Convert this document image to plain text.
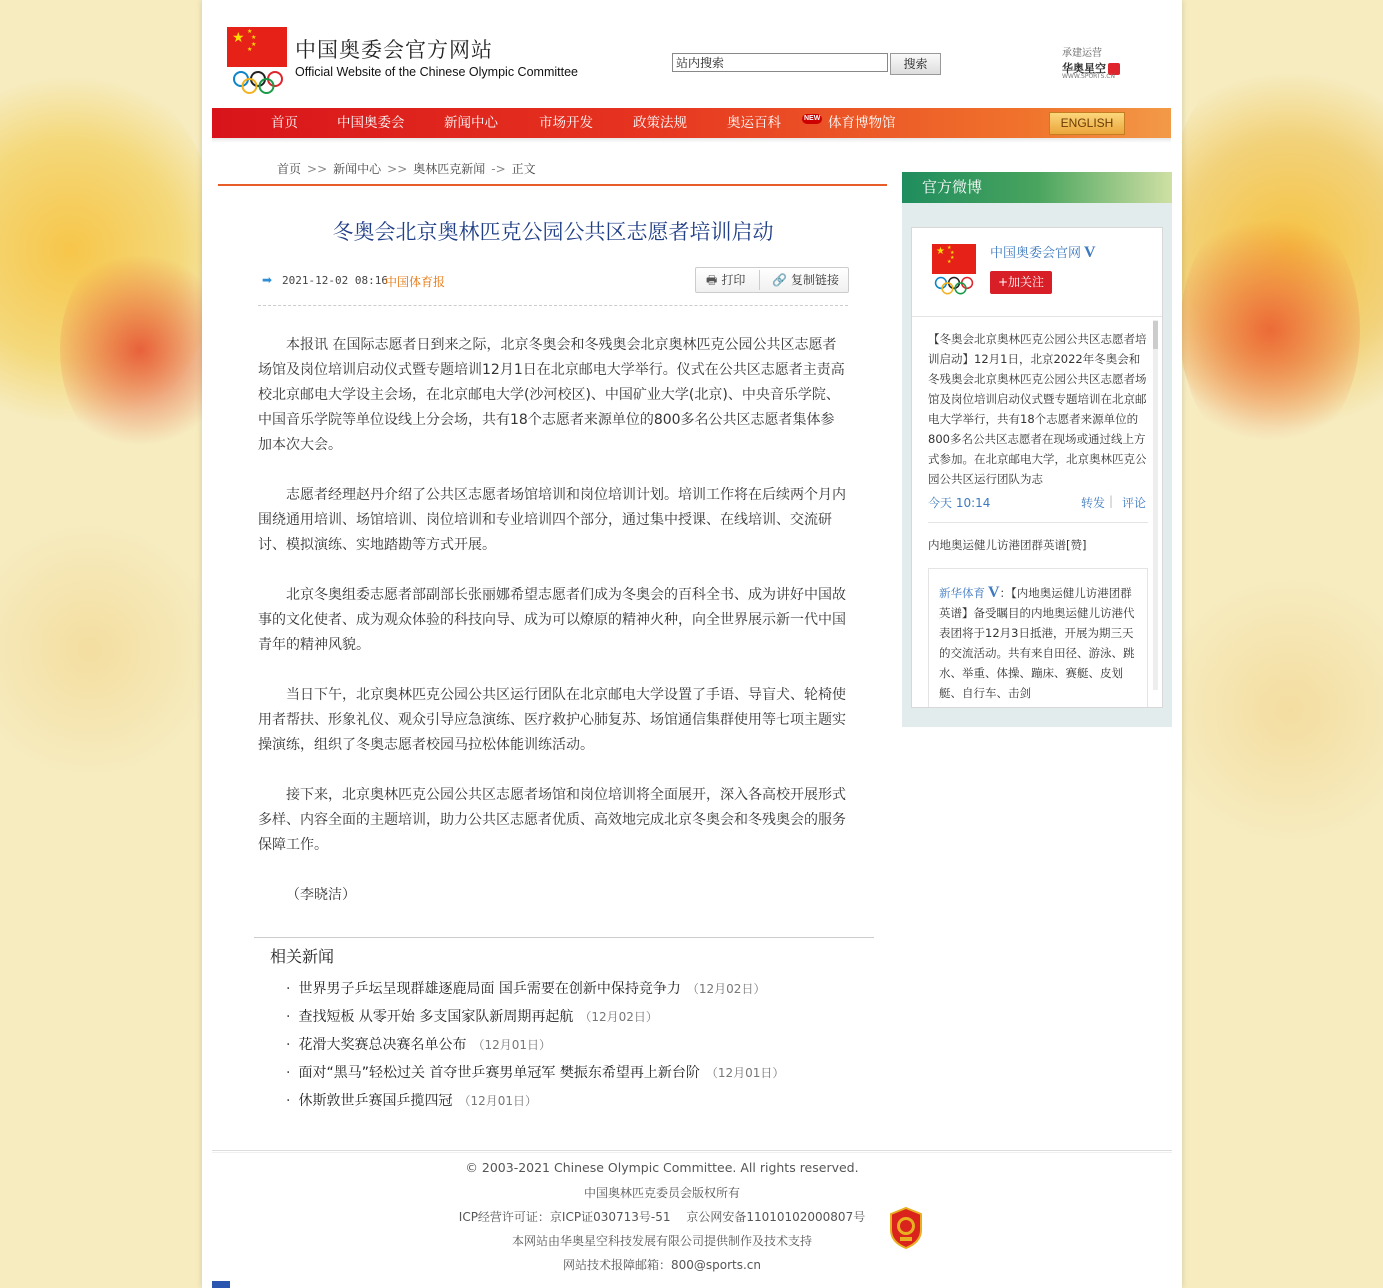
★ ★
★
★
★ 中国奥委会官方网站
Official Website of the Chinese Olympic Committee
站内搜索
搜索
承建运营
华奥星空
WWW.SPORTS.CN
首页	中国奥委会	新闻中心	市场开发	政策法规	奥运百科	NEW 体育博物馆	ENGLISH
首页 >> 新闻中心 >> 奥林匹克新闻 -> 正文
冬奥会北京奥林匹克公园公共区志愿者培训启动
➡ 2021-12-02 08:16
中国体育报	🖶 打印 🔗 复制链接

本报讯 在国际志愿者日到来之际，北京冬奥会和冬残奥会北京奥林匹克公园公共区志愿者场馆及岗位培训启动仪式暨专题培训12月1日在北京邮电大学举行。仪式在公共区志愿者主责高校北京邮电大学设主会场，在北京邮电大学(沙河校区)、中国矿业大学(北京)、中央音乐学院、中国音乐学院等单位设线上分会场，共有18个志愿者来源单位的800多名公共区志愿者集体参加本次大会。

志愿者经理赵丹介绍了公共区志愿者场馆培训和岗位培训计划。培训工作将在后续两个月内围绕通用培训、场馆培训、岗位培训和专业培训四个部分，通过集中授课、在线培训、交流研讨、模拟演练、实地踏勘等方式开展。

北京冬奥组委志愿者部副部长张丽娜希望志愿者们成为冬奥会的百科全书、成为讲好中国故事的文化使者、成为观众体验的科技向导、成为可以燎原的精神火种，向全世界展示新一代中国青年的精神风貌。

当日下午，北京奥林匹克公园公共区运行团队在北京邮电大学设置了手语、导盲犬、轮椅使用者帮扶、形象礼仪、观众引导应急演练、医疗救护心肺复苏、场馆通信集群使用等七项主题实操演练，组织了冬奥志愿者校园马拉松体能训练活动。

接下来，北京奥林匹克公园公共区志愿者场馆和岗位培训将全面展开，深入各高校开展形式多样、内容全面的主题培训，助力公共区志愿者优质、高效地完成北京冬奥会和冬残奥会的服务保障工作。

（李晓洁）

相关新闻
· 世界男子乒坛呈现群雄逐鹿局面 国乒需要在创新中保持竞争力 （12月02日）
· 查找短板 从零开始 多支国家队新周期再起航 （12月02日）
· 花滑大奖赛总决赛名单公布 （12月01日）
· 面对“黑马”轻松过关 首夺世乒赛男单冠军 樊振东希望再上新台阶 （12月01日）
· 休斯敦世乒赛国乒揽四冠 （12月01日）
官方微博
★ ★
★
★
★
中国奥委会官网 V
+加关注
【冬奥会北京奥林匹克公园公共区志愿者培训启动】12月1日，北京2022年冬奥会和冬残奥会北京奥林匹克公园公共区志愿者场馆及岗位培训启动仪式暨专题培训在北京邮电大学举行，共有18个志愿者来源单位的800多名公共区志愿者在现场或通过线上方式参加。在北京邮电大学，北京奥林匹克公园公共区运行团队为志
今天 10:14	转发 | 评论
内地奥运健儿访港团群英谱[赞]
新华体育 V：【内地奥运健儿访港团群英谱】备受瞩目的内地奥运健儿访港代表团将于12月3日抵港，开展为期三天的交流活动。共有来自田径、游泳、跳水、举重、体操、蹦床、赛艇、皮划艇、自行车、击剑
© 2003-2021 Chinese Olympic Committee. All rights reserved.
中国奥林匹克委员会版权所有
ICP经营许可证：京ICP证030713号-51　 京公网安备11010102000807号
本网站由华奥星空科技发展有限公司提供制作及技术支持
网站技术报障邮箱：800@sports.cn
